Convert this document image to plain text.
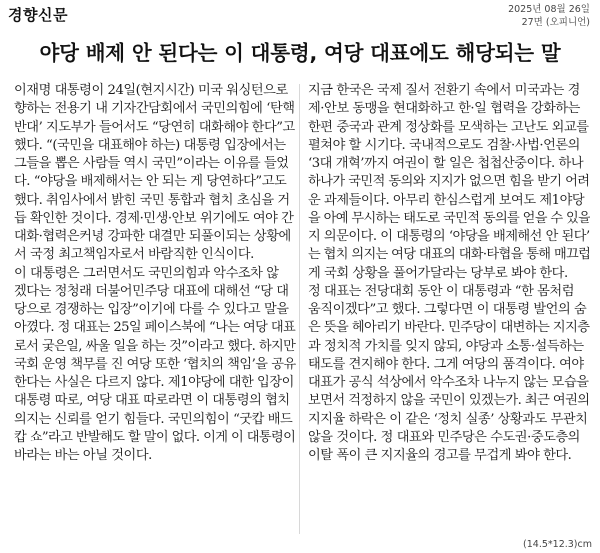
경향신문	2025년 08월 26일
27면 (오피니언)
야당 배제 안 된다는 이 대통령, 여당 대표에도 해당되는 말
이재명 대통령이 24일(현지시간) 미국 워싱턴으로
향하는 전용기 내 기자간담회에서 국민의힘에 ‘탄핵
반대’ 지도부가 들어서도 “당연히 대화해야 한다”고
했다. “(국민을 대표해야 하는) 대통령 입장에서는
그들을 뽑은 사람들 역시 국민”이라는 이유를 들었
다. “야당을 배제해서는 안 되는 게 당연하다”고도
했다. 취임사에서 밝힌 국민 통합과 협치 초심을 거
듭 확인한 것이다. 경제·민생·안보 위기에도 여야 간
대화·협력은커녕 강파한 대결만 되풀이되는 상황에
서 국정 최고책임자로서 바람직한 인식이다.
이 대통령은 그러면서도 국민의힘과 악수조차 않
겠다는 정청래 더불어민주당 대표에 대해선 “당 대
당으로 경쟁하는 입장”이기에 다를 수 있다고 말을
아꼈다. 정 대표는 25일 페이스북에 “나는 여당 대표
로서 궂은일, 싸울 일을 하는 것”이라고 했다. 하지만
국회 운영 책무를 진 여당 또한 ‘협치의 책임’을 공유
한다는 사실은 다르지 않다. 제1야당에 대한 입장이
대통령 따로, 여당 대표 따로라면 이 대통령의 협치
의지는 신뢰를 얻기 힘들다. 국민의힘이 “굿캅 배드
캅 쇼”라고 반발해도 할 말이 없다. 이게 이 대통령이
바라는 바는 아닐 것이다.
지금 한국은 국제 질서 전환기 속에서 미국과는 경
제·안보 동맹을 현대화하고 한·일 협력을 강화하는
한편 중국과 관계 정상화를 모색하는 고난도 외교를
펼쳐야 할 시기다. 국내적으로도 검찰·사법·언론의
‘3대 개혁’까지 여권이 할 일은 첩첩산중이다. 하나
하나가 국민적 동의와 지지가 없으면 힘을 받기 어려
운 과제들이다. 아무리 한심스럽게 보여도 제1야당
을 아예 무시하는 태도로 국민적 동의를 얻을 수 있을
지 의문이다. 이 대통령의 ‘야당을 배제해선 안 된다’
는 협치 의지는 여당 대표의 대화·타협을 통해 매끄럽
게 국회 상황을 풀어가달라는 당부로 봐야 한다.
정 대표는 전당대회 동안 이 대통령과 “한 몸처럼
움직이겠다”고 했다. 그렇다면 이 대통령 발언의 숨
은 뜻을 헤아리기 바란다. 민주당이 대변하는 지지층
과 정치적 가치를 잊지 않되, 야당과 소통·설득하는
태도를 견지해야 한다. 그게 여당의 품격이다. 여야
대표가 공식 석상에서 악수조차 나누지 않는 모습을
보면서 걱정하지 않을 국민이 있겠는가. 최근 여권의
지지율 하락은 이 같은 ‘정치 실종’ 상황과도 무관치
않을 것이다. 정 대표와 민주당은 수도권·중도층의
이탈 폭이 큰 지지율의 경고를 무겁게 봐야 한다.
(14.5*12.3)cm
